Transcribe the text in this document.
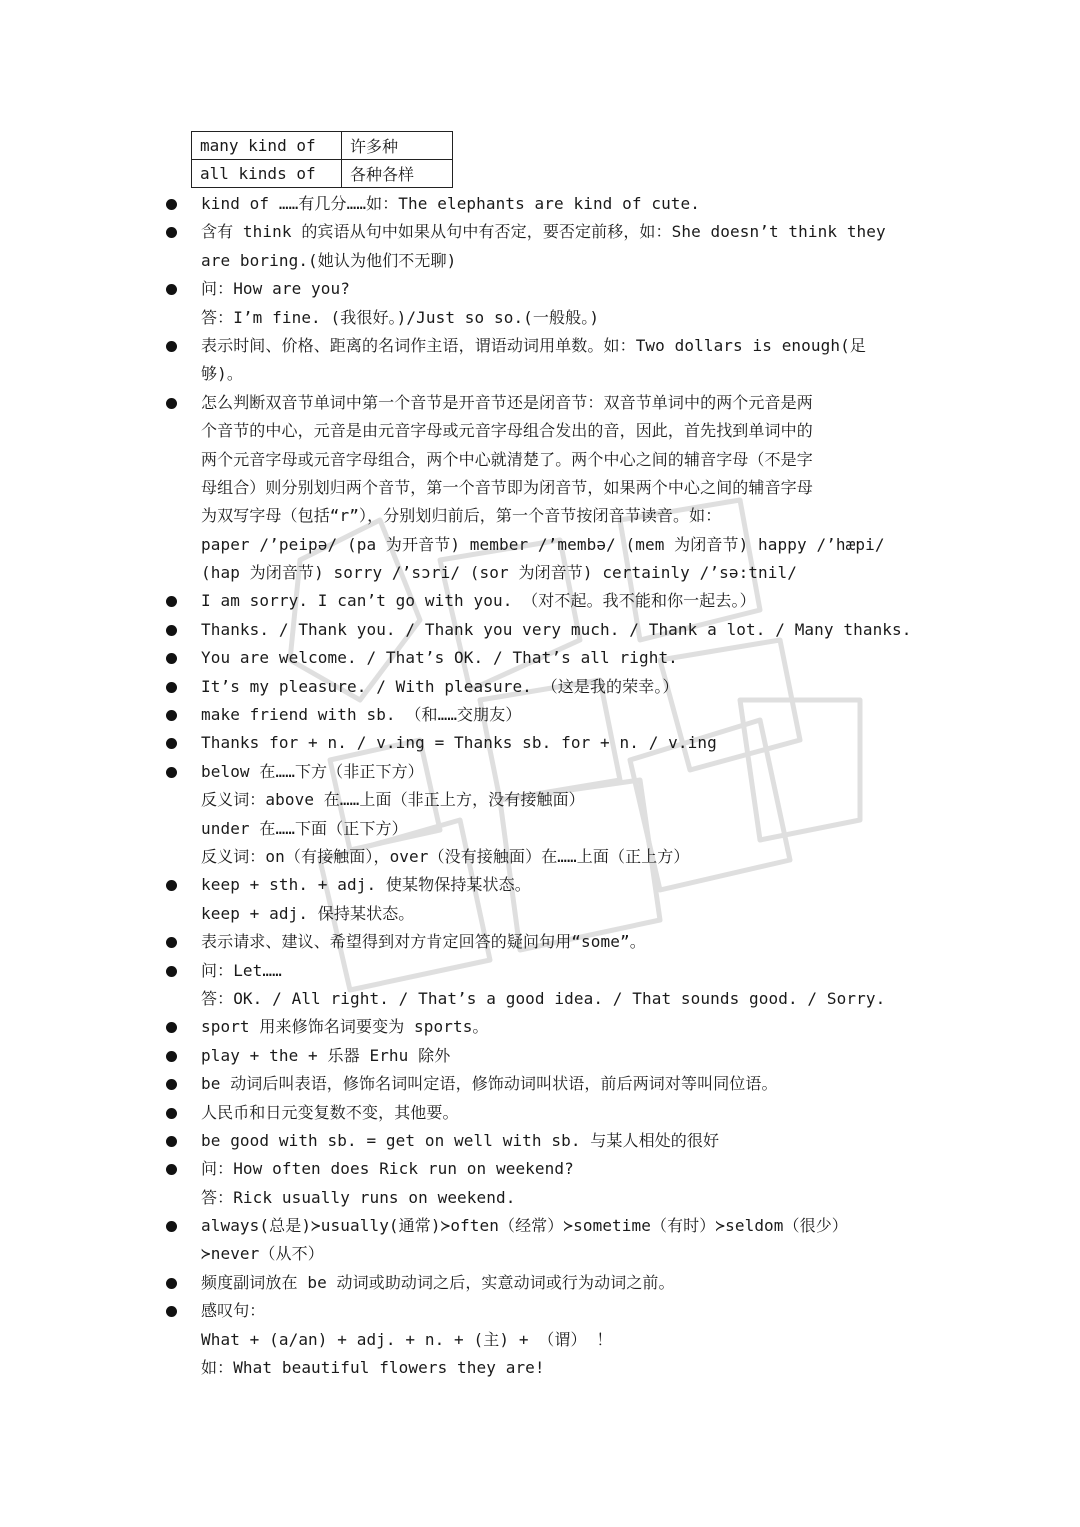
many kind of	许多种
all kinds of	各种各样
kind of ……有几分……如：The elephants are kind of cute.
含有 think 的宾语从句中如果从句中有否定，要否定前移，如：She doesn’t think they
are boring.(她认为他们不无聊)
问：How are you?
答：I’m fine. (我很好。)/Just so so.(一般般。)
表示时间、价格、距离的名词作主语，谓语动词用单数。如：Two dollars is enough(足
够)。
怎么判断双音节单词中第一个音节是开音节还是闭音节：双音节单词中的两个元音是两
个音节的中心，元音是由元音字母或元音字母组合发出的音，因此，首先找到单词中的
两个元音字母或元音字母组合，两个中心就清楚了。两个中心之间的辅音字母（不是字
母组合）则分别划归两个音节，第一个音节即为闭音节，如果两个中心之间的辅音字母
为双写字母（包括“r”），分别划归前后，第一个音节按闭音节读音。如：
paper /’peipə/ (pa 为开音节) member /’membə/ (mem 为闭音节) happy /’hæpi/
(hap 为闭音节) sorry /’sɔri/ (sor 为闭音节) certainly /’sə:tnil/
I am sorry. I can’t go with you. （对不起。我不能和你一起去。）
Thanks. / Thank you. / Thank you very much. / Thank a lot. / Many thanks.
You are welcome. / That’s OK. / That’s all right.
It’s my pleasure. / With pleasure. （这是我的荣幸。）
make friend with sb. （和……交朋友）
Thanks for + n. / v.ing = Thanks sb. for + n. / v.ing
below 在……下方（非正下方）
反义词：above 在……上面（非正上方，没有接触面）
under 在……下面（正下方）
反义词：on（有接触面），over（没有接触面）在……上面（正上方）
keep + sth. + adj. 使某物保持某状态。
keep + adj. 保持某状态。
表示请求、建议、希望得到对方肯定回答的疑问句用“some”。
问：Let……
答：OK. / All right. / That’s a good idea. / That sounds good. / Sorry.
sport 用来修饰名词要变为 sports。
play + the + 乐器 Erhu 除外
be 动词后叫表语，修饰名词叫定语，修饰动词叫状语，前后两词对等叫同位语。
人民币和日元变复数不变，其他要。
be good with sb. = get on well with sb. 与某人相处的很好
问：How often does Rick run on weekend?
答：Rick usually runs on weekend.
always(总是)≻usually(通常)≻often（经常）≻sometime（有时）≻seldom（很少）
≻never（从不）
频度副词放在 be 动词或助动词之后，实意动词或行为动词之前。
感叹句：
What + (a/an) + adj. + n. + (主) + （谓） ！
如：What beautiful flowers they are!
